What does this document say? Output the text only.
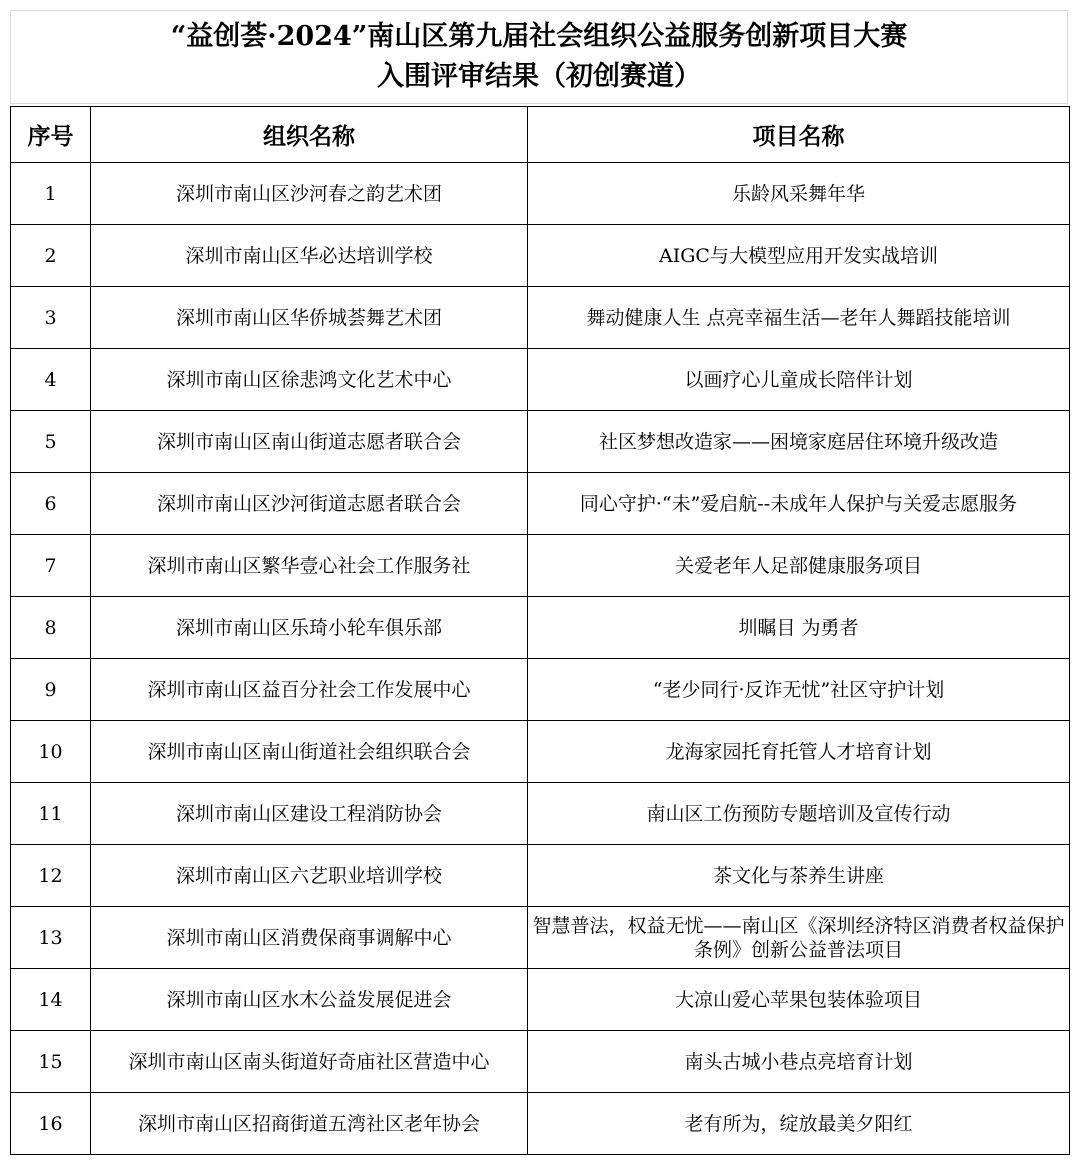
“益创荟·2024”南山区第九届社会组织公益服务创新项目大赛
入围评审结果（初创赛道）
序号	组织名称	项目名称
1	深圳市南山区沙河春之韵艺术团	乐龄风采舞年华
2	深圳市南山区华必达培训学校	AIGC与大模型应用开发实战培训
3	深圳市南山区华侨城荟舞艺术团	舞动健康人生 点亮幸福生活—老年人舞蹈技能培训
4	深圳市南山区徐悲鸿文化艺术中心	以画疗心儿童成长陪伴计划
5	深圳市南山区南山街道志愿者联合会	社区梦想改造家——困境家庭居住环境升级改造
6	深圳市南山区沙河街道志愿者联合会	同心守护·“未”爱启航--未成年人保护与关爱志愿服务
7	深圳市南山区繁华壹心社会工作服务社	关爱老年人足部健康服务项目
8	深圳市南山区乐琦小轮车俱乐部	圳瞩目 为勇者
9	深圳市南山区益百分社会工作发展中心	“老少同行·反诈无忧”社区守护计划
10	深圳市南山区南山街道社会组织联合会	龙海家园托育托管人才培育计划
11	深圳市南山区建设工程消防协会	南山区工伤预防专题培训及宣传行动
12	深圳市南山区六艺职业培训学校	茶文化与茶养生讲座
13	深圳市南山区消费保商事调解中心	智慧普法，权益无忧——南山区《深圳经济特区消费者权益保护条例》创新公益普法项目
14	深圳市南山区水木公益发展促进会	大凉山爱心苹果包装体验项目
15	深圳市南山区南头街道好奇庙社区营造中心	南头古城小巷点亮培育计划
16	深圳市南山区招商街道五湾社区老年协会	老有所为，绽放最美夕阳红
